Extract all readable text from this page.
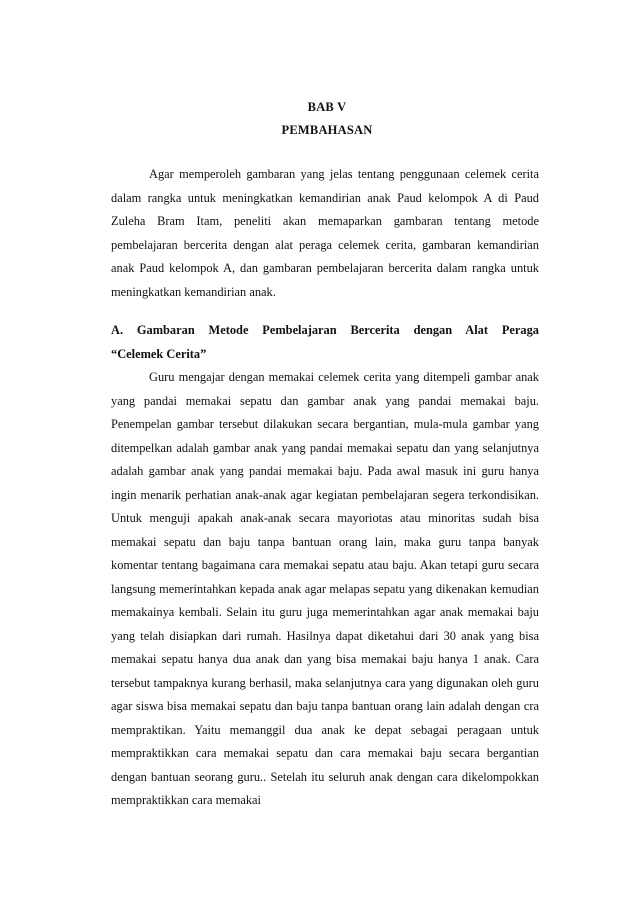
BAB V
PEMBAHASAN

Agar memperoleh gambaran yang jelas tentang penggunaan celemek cerita dalam rangka untuk meningkatkan kemandirian anak Paud kelompok A di Paud Zuleha Bram Itam, peneliti akan memaparkan gambaran tentang metode pembelajaran bercerita dengan alat peraga celemek cerita, gambaran kemandirian anak Paud kelompok A, dan gambaran pembelajaran bercerita dalam rangka untuk meningkatkan kemandirian anak.

A. Gambaran Metode Pembelajaran Bercerita dengan Alat Peraga

“Celemek Cerita”

Guru mengajar dengan memakai celemek cerita yang ditempeli gambar anak yang pandai memakai sepatu dan gambar anak yang pandai memakai baju. Penempelan gambar tersebut dilakukan secara bergantian, mula-mula gambar yang ditempelkan adalah gambar anak yang pandai memakai sepatu dan yang selanjutnya adalah gambar anak yang pandai memakai baju. Pada awal masuk ini guru hanya ingin menarik perhatian anak-anak agar kegiatan pembelajaran segera terkondisikan. Untuk menguji apakah anak-anak secara mayoriotas atau minoritas sudah bisa memakai sepatu dan baju tanpa bantuan orang lain, maka guru tanpa banyak komentar tentang bagaimana cara memakai sepatu atau baju. Akan tetapi guru secara langsung memerintahkan kepada anak agar melapas sepatu yang dikenakan kemudian memakainya kembali. Selain itu guru juga memerintahkan agar anak memakai baju yang telah disiapkan dari rumah. Hasilnya dapat diketahui dari 30 anak yang bisa memakai sepatu hanya dua anak dan yang bisa memakai baju hanya 1 anak. Cara tersebut tampaknya kurang berhasil, maka selanjutnya cara yang digunakan oleh guru agar siswa bisa memakai sepatu dan baju tanpa bantuan orang lain adalah dengan cra mempraktikan. Yaitu memanggil dua anak ke depat sebagai peragaan untuk mempraktikkan cara memakai sepatu dan cara memakai baju secara bergantian dengan bantuan seorang guru.. Setelah itu seluruh anak dengan cara dikelompokkan mempraktikkan cara memakai
